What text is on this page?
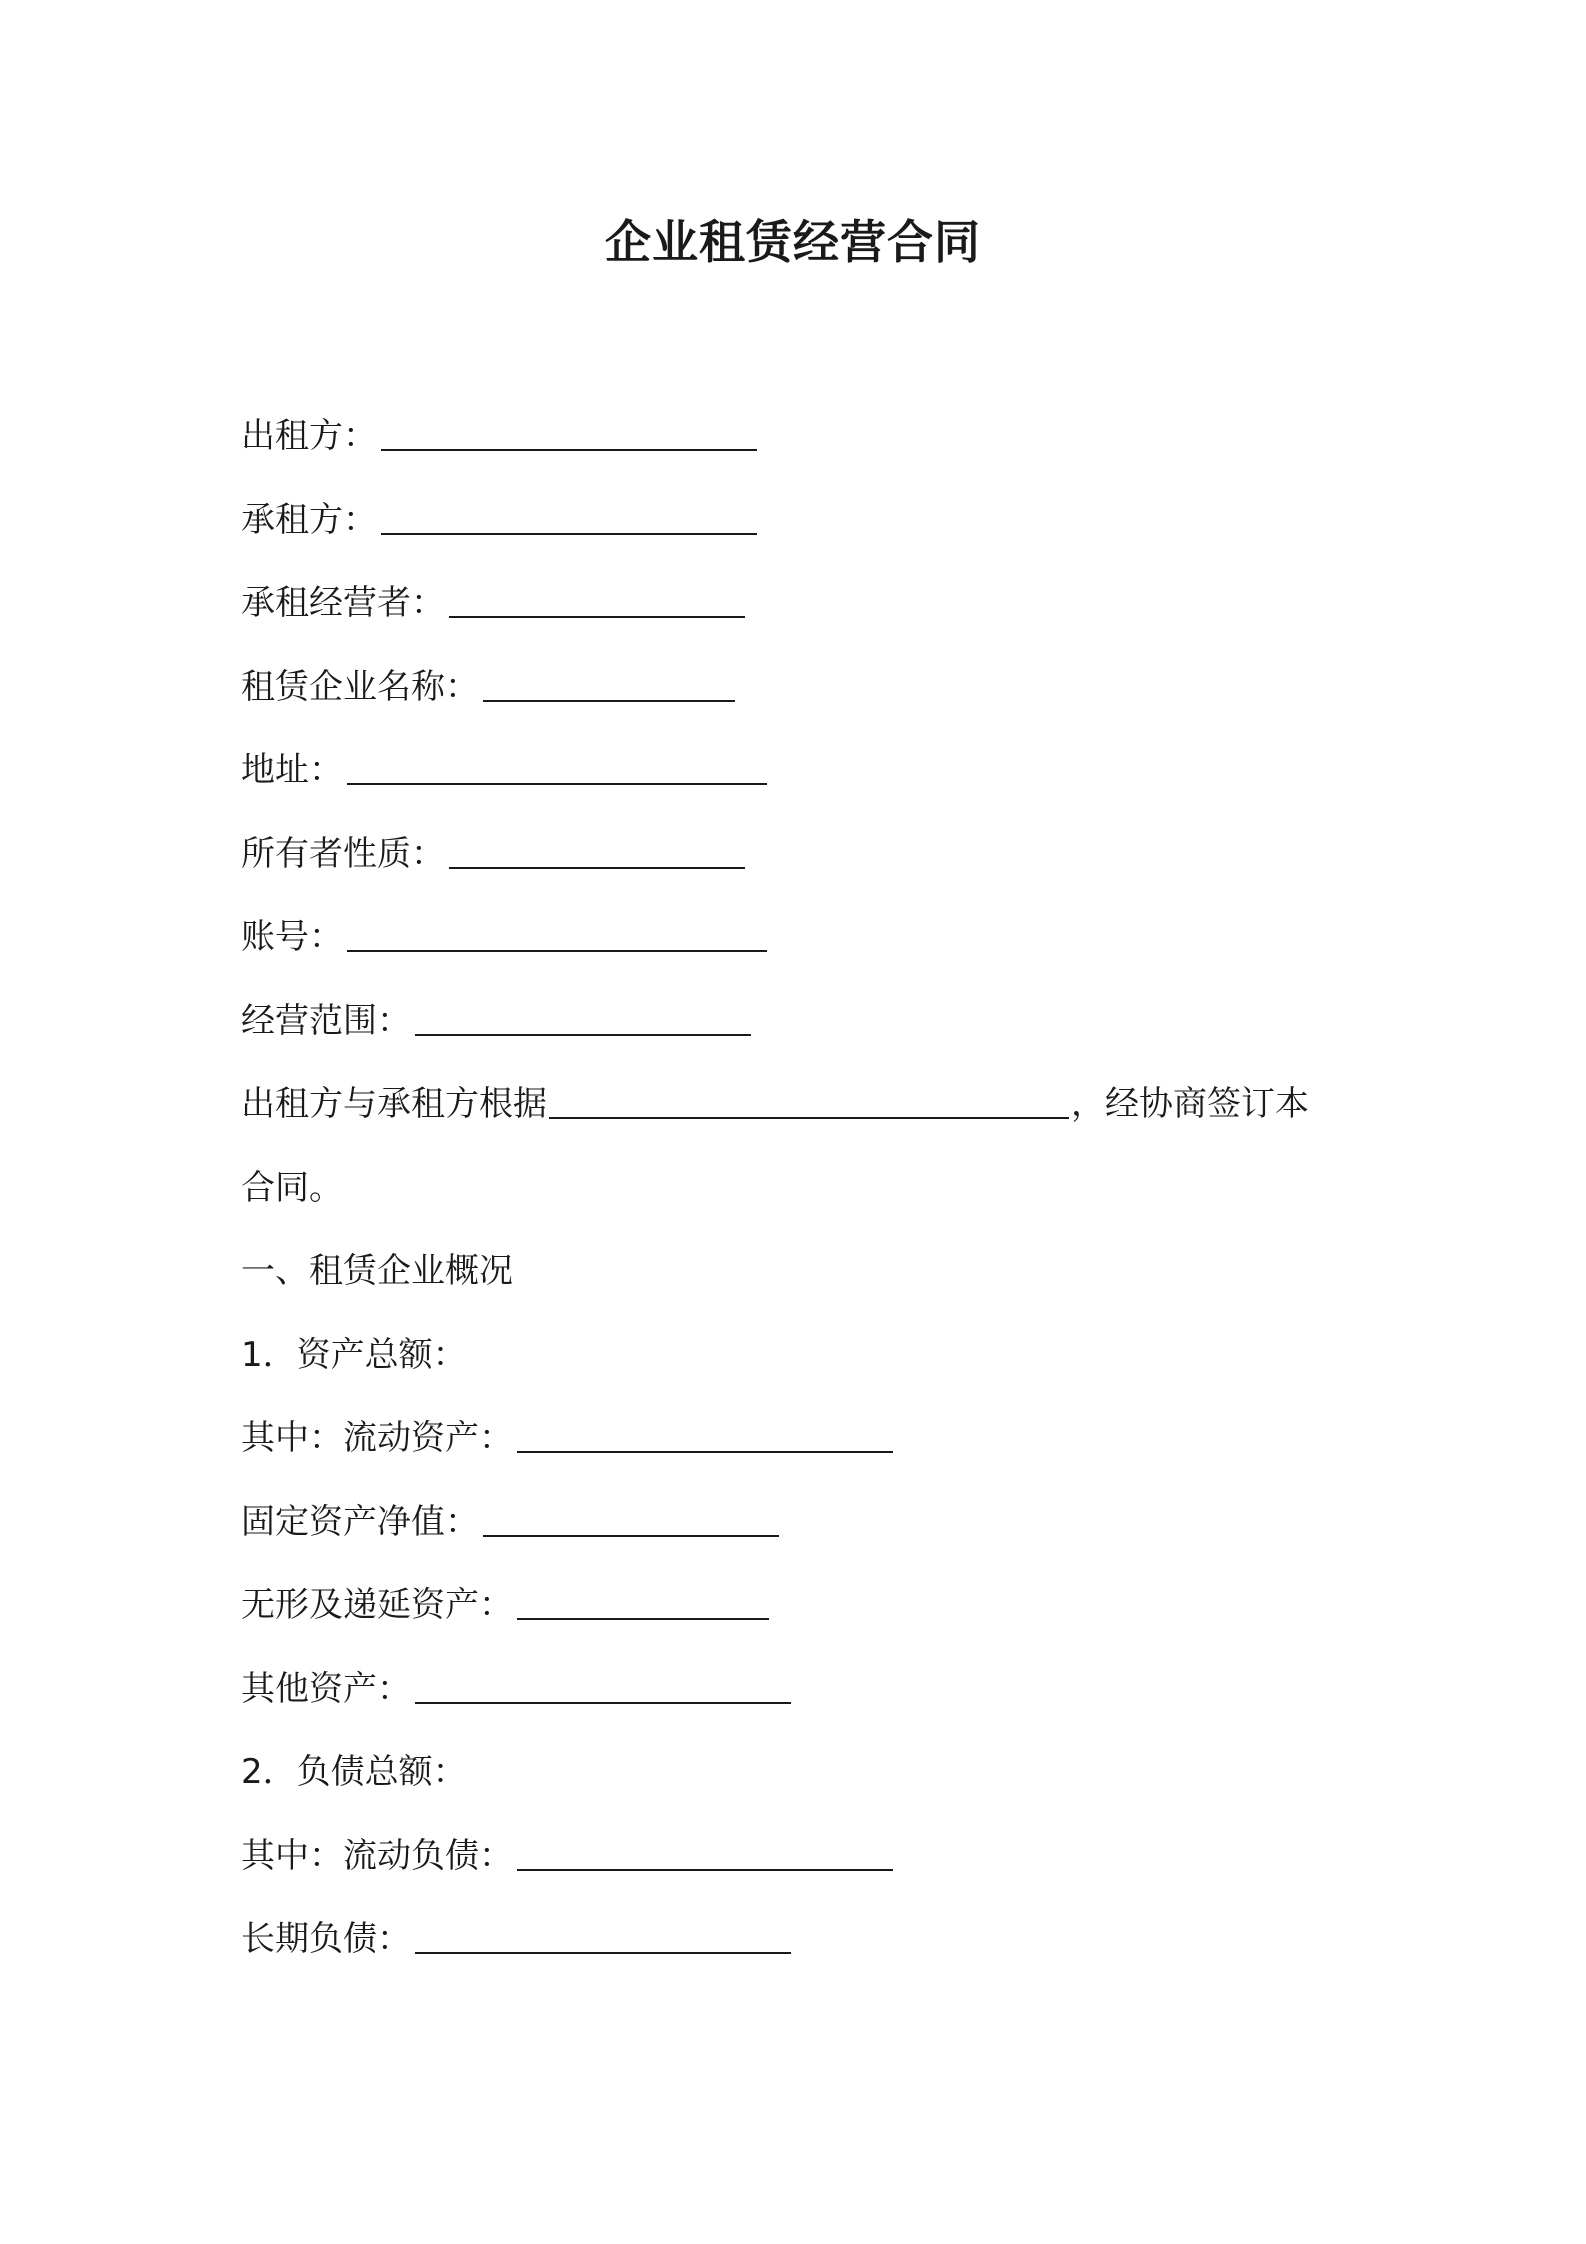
企业租赁经营合同
出租方：
承租方：
承租经营者：
租赁企业名称：
地址：
所有者性质：
账号：
经营范围：
出租方与承租方根据	，经协商签订本
合同。
一、租赁企业概况
1．资产总额：
其中：流动资产：
固定资产净值：
无形及递延资产：
其他资产：
2．负债总额：
其中：流动负债：
长期负债：
